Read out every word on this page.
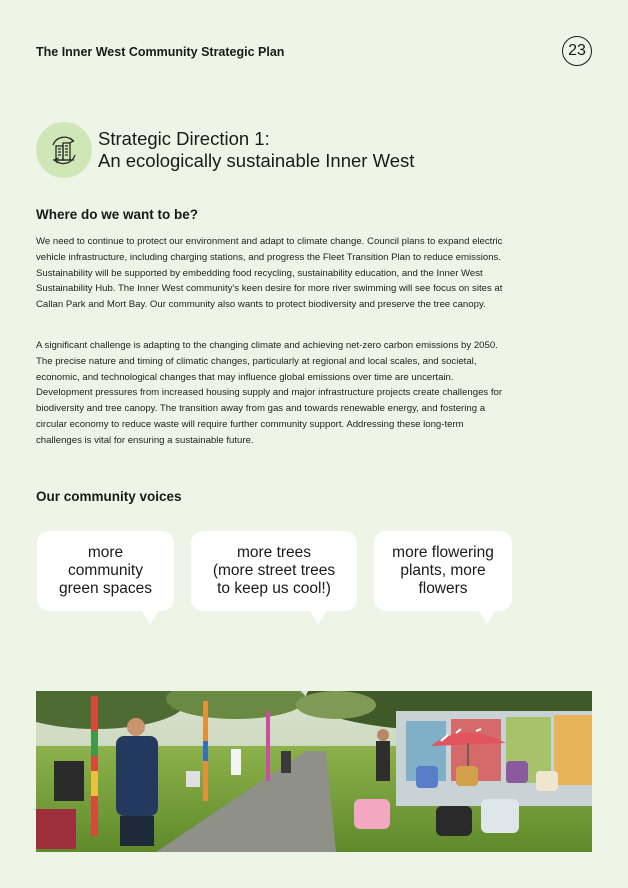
The Inner West Community Strategic Plan	23
Strategic Direction 1:
An ecologically sustainable Inner West
Where do we want to be?

We need to continue to protect our environment and adapt to climate change. Council plans to expand electric vehicle infrastructure, including charging stations, and progress the Fleet Transition Plan to reduce emissions. Sustainability will be supported by embedding food recycling, sustainability education, and the Inner West Sustainability Hub. The Inner West community's keen desire for more river swimming will see focus on sites at Callan Park and Mort Bay. Our community also wants to protect biodiversity and preserve the tree canopy.

A significant challenge is adapting to the changing climate and achieving net-zero carbon emissions by 2050. The precise nature and timing of climatic changes, particularly at regional and local scales, and societal, economic, and technological changes that may influence global emissions over time are uncertain. Development pressures from increased housing supply and major infrastructure projects create challenges for biodiversity and tree canopy. The transition away from gas and towards renewable energy, and fostering a circular economy to reduce waste will require further community support. Addressing these long-term challenges is vital for ensuring a sustainable future.

Our community voices
more
community
green spaces
more trees
(more street trees
to keep us cool!)
more flowering
plants, more
flowers
